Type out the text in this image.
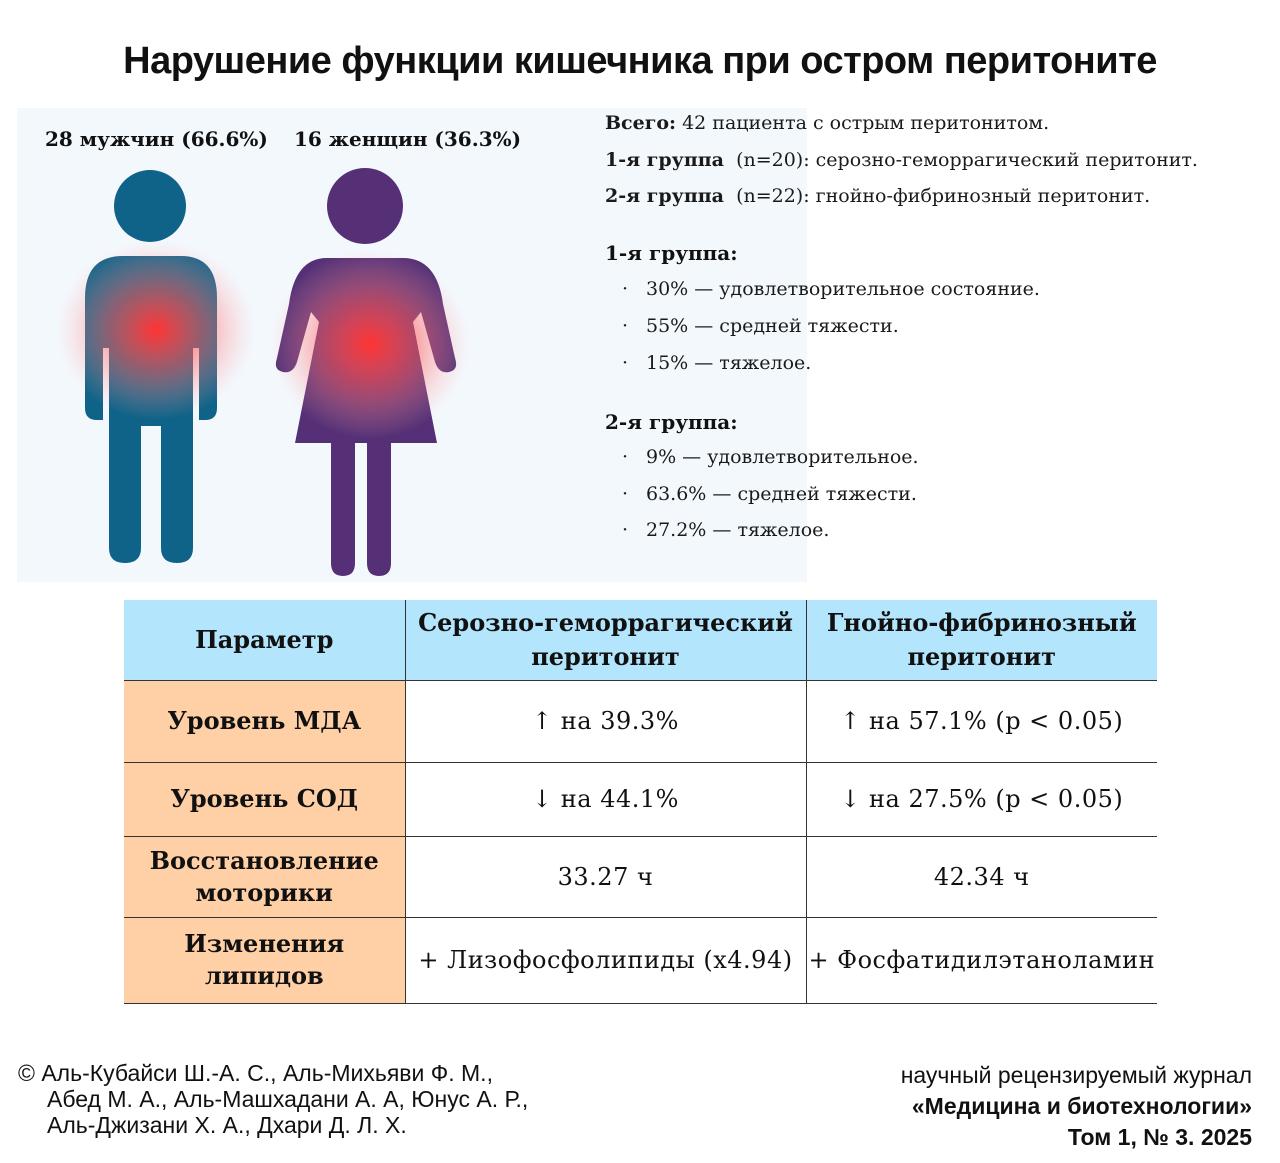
Нарушение функции кишечника при остром перитоните
28 мужчин (66.6%) 16 женщин (36.3%)
Всего: 42 пациента с острым перитонитом.
1-я группа  (n=20): серозно-геморрагический перитонит.
2-я группа  (n=22): гнойно-фибринозный перитонит.
1-я группа:
· 30% — удовлетворительное состояние.
· 55% — средней тяжести.
· 15% — тяжелое.
2-я группа:
· 9% — удовлетворительное.
· 63.6% — средней тяжести.
· 27.2% — тяжелое.
Параметр	Серозно-геморрагический перитонит	Гнойно-фибринозный перитонит
Уровень МДА	↑ на 39.3%	↑ на 57.1% (p < 0.05)
Уровень СОД	↓ на 44.1%	↓ на 27.5% (p < 0.05)
Восстановление моторики	33.27 ч	42.34 ч
Изменения липидов	+ Лизофосфолипиды (x4.94)	+ Фосфатидилэтаноламин
© Аль-Кубайси Ш.-А. С., Аль-Михьяви Ф. М.,
Абед М. А., Аль-Машхадани А. А, Юнус А. Р.,
Аль-Джизани Х. А., Дхари Д. Л. Х.
научный рецензируемый журнал
«Медицина и биотехнологии»
Том 1, № 3. 2025
